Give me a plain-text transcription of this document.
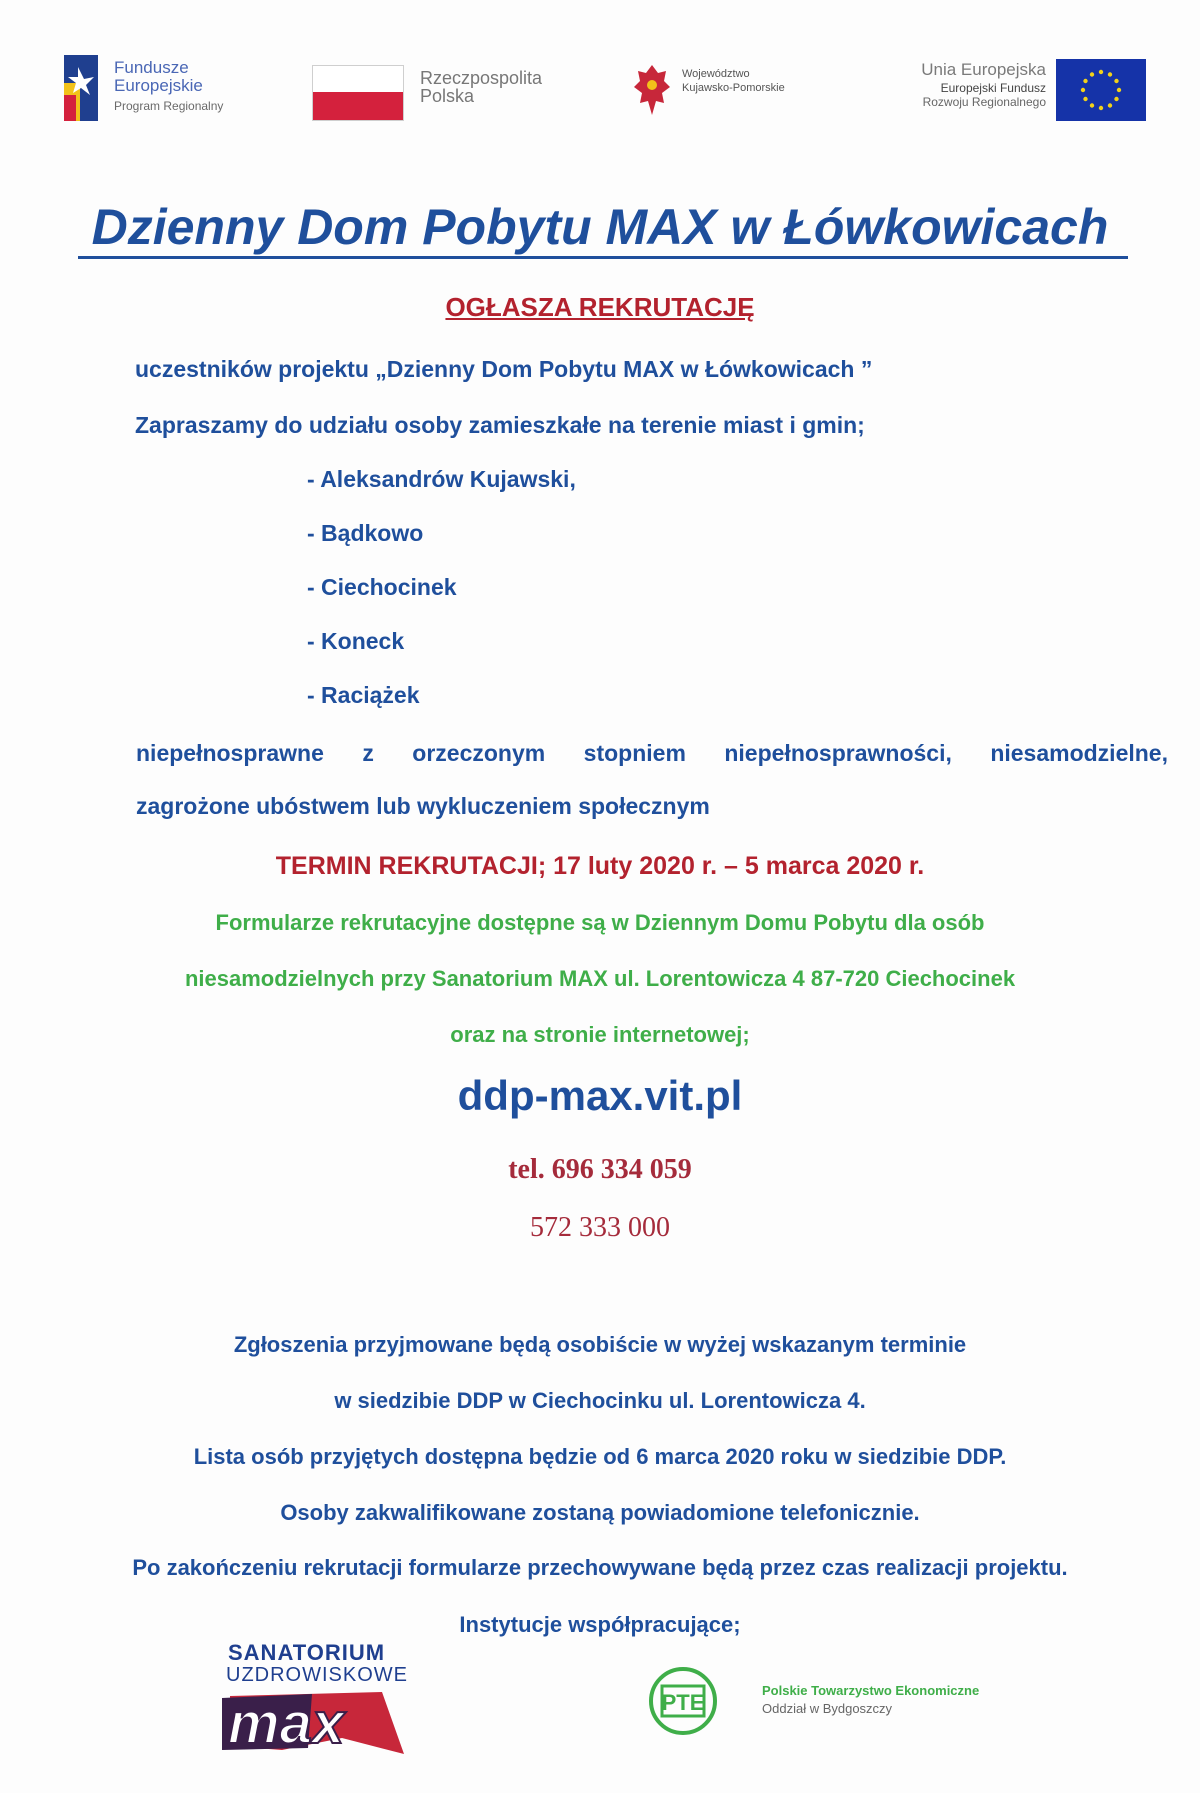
Fundusze
Europejskie
Program Regionalny
Rzeczpospolita
Polska
Województwo
Kujawsko-Pomorskie
Unia Europejska
Europejski Fundusz
Rozwoju Regionalnego
Dzienny Dom Pobytu MAX w Łówkowicach
OGŁASZA REKRUTACJĘ
uczestników projektu „Dzienny Dom Pobytu MAX w Łówkowicach ”
Zapraszamy do udziału osoby zamieszkałe na terenie miast i gmin;
- Aleksandrów Kujawski,
- Bądkowo
- Ciechocinek
- Koneck
- Raciążek
niepełnosprawne z orzeczonym stopniem niepełnosprawności, niesamodzielne,
zagrożone ubóstwem lub wykluczeniem społecznym
TERMIN REKRUTACJI; 17 luty 2020 r. – 5 marca 2020 r.
Formularze rekrutacyjne dostępne są w Dziennym Domu Pobytu dla osób
niesamodzielnych przy Sanatorium MAX ul. Lorentowicza 4 87-720 Ciechocinek
oraz na stronie internetowej;
ddp-max.vit.pl
tel. 696 334 059
572 333 000
Zgłoszenia przyjmowane będą osobiście w wyżej wskazanym terminie
w siedzibie DDP w Ciechocinku ul. Lorentowicza 4.
Lista osób przyjętych dostępna będzie od 6 marca 2020 roku w siedzibie DDP.
Osoby zakwalifikowane zostaną powiadomione telefonicznie.
Po zakończeniu rekrutacji formularze przechowywane będą przez czas realizacji projektu.
Instytucje współpracujące;
SANATORIUM
UZDROWISKOWE
max	PTE	Polskie Towarzystwo Ekonomiczne
Oddział w Bydgoszczy
